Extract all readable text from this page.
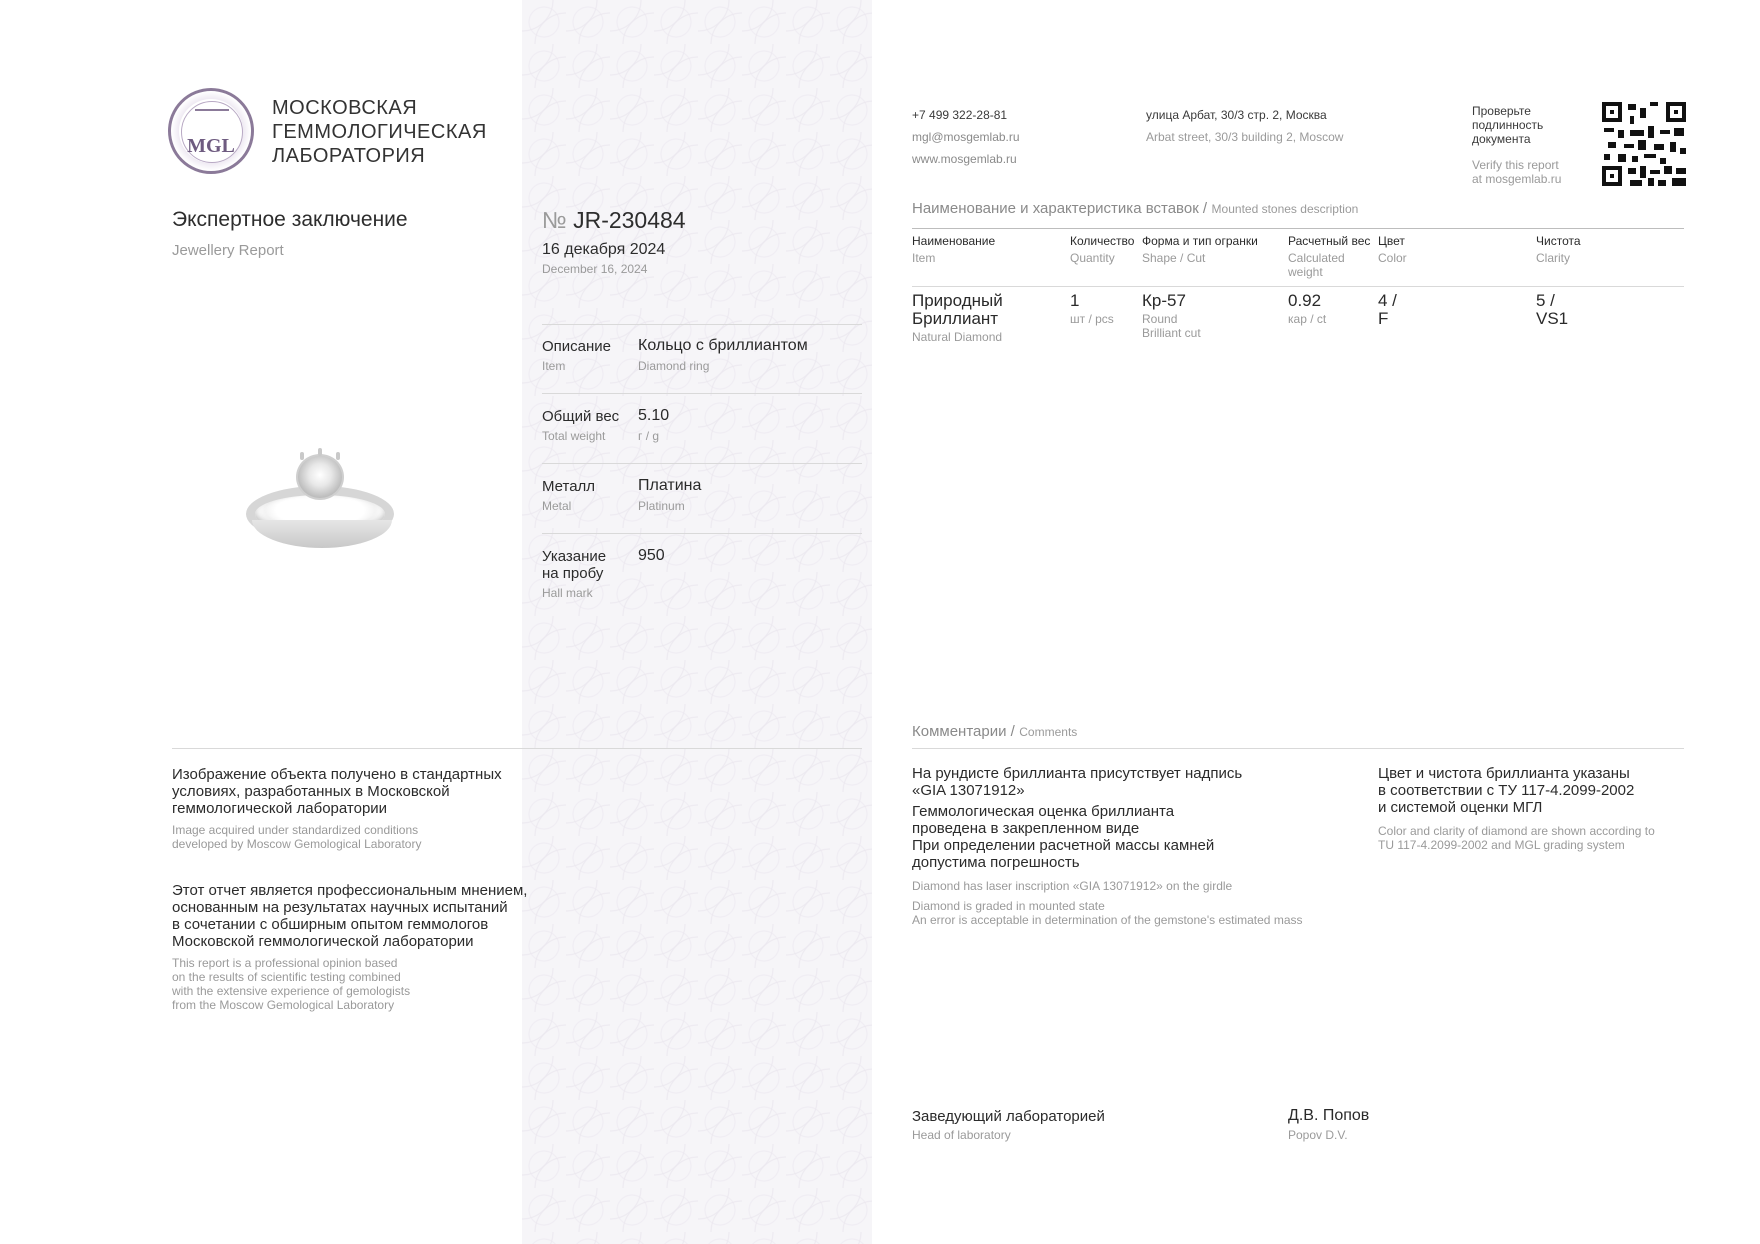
MGL
МОСКОВСКАЯ
ГЕММОЛОГИЧЕСКАЯ
ЛАБОРАТОРИЯ
+7 499 322-28-81
mgl@mosgemlab.ru
www.mosgemlab.ru
улица Арбат, 30/3 стр. 2, Москва
Arbat street, 30/3 building 2, Moscow
Проверьте
подлинность
документа
Verify this report
at mosgemlab.ru
Экспертное заключение
Jewellery Report
№ JR-230484
16 декабря 2024
December 16, 2024
Описание
Item
Кольцо с бриллиантом
Diamond ring
Общий вес
Total weight
5.10
г / g
Металл
Metal
Платина
Platinum
Указание
на пробу
Hall mark
950
Наименование и характеристика вставок / Mounted stones description
Наименование
Item
Количество
Quantity
Форма и тип огранки
Shape / Cut
Расчетный вес
Calculated
weight
Цвет
Color
Чистота
Clarity
Природный
Бриллиант
Natural Diamond
1
шт / pcs
Кр-57
Round
Brilliant cut
0.92
кар / ct
4 /
F
5 /
VS1
Комментарии / Comments
На рундисте бриллианта присутствует надпись
«GIA 13071912»
Геммологическая оценка бриллианта
проведена в закрепленном виде
При определении расчетной массы камней
допустима погрешность
Diamond has laser inscription «GIA 13071912» on the girdle
Diamond is graded in mounted state
An error is acceptable in determination of the gemstone's estimated mass
Цвет и чистота бриллианта указаны
в соответствии с ТУ 117-4.2099-2002
и системой оценки МГЛ
Color and clarity of diamond are shown according to
TU 117-4.2099-2002 and MGL grading system
Изображение объекта получено в стандартных
условиях, разработанных в Московской
геммологической лаборатории
Image acquired under standardized conditions
developed by Moscow Gemological Laboratory
Этот отчет является профессиональным мнением,
основанным на результатах научных испытаний
в сочетании с обширным опытом геммологов
Московской геммологической лаборатории
This report is a professional opinion based
on the results of scientific testing combined
with the extensive experience of gemologists
from the Moscow Gemological Laboratory
Заведующий лабораторией
Head of laboratory
Д.В. Попов
Popov D.V.
